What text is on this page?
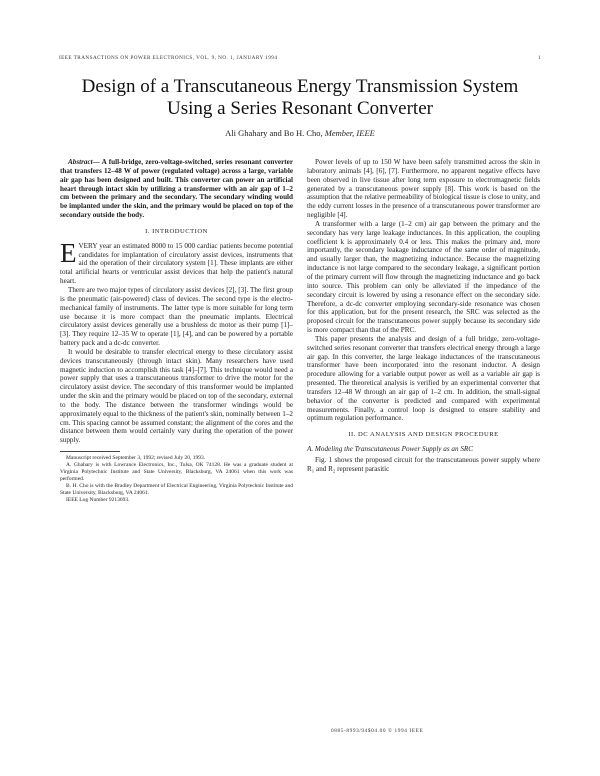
IEEE TRANSACTIONS ON POWER ELECTRONICS, VOL. 9, NO. 1, JANUARY 1994	1
Design of a Transcutaneous Energy Transmission System Using a Series Resonant Converter
Ali Ghahary and Bo H. Cho, Member, IEEE

Abstract— A full-bridge, zero-voltage-switched, series resonant converter that transfers 12–48 W of power (regulated voltage) across a large, variable air gap has been designed and built. This converter can power an artificial heart through intact skin by utilizing a transformer with an air gap of 1–2 cm between the primary and the secondary. The secondary winding would be implanted under the skin, and the primary would be placed on top of the secondary outside the body.

I. INTRODUCTION

EVERY year an estimated 8000 to 15 000 cardiac patients become potential candidates for implantation of circulatory assist devices, instruments that aid the operation of their circulatory system [1]. These implants are either total artificial hearts or ventricular assist devices that help the patient's natural heart.

There are two major types of circulatory assist devices [2], [3]. The first group is the pneumatic (air-powered) class of devices. The second type is the electro-mechanical family of instruments. The latter type is more suitable for long term use because it is more compact than the pneumatic implants. Electrical circulatory assist devices generally use a brushless dc motor as their pump [1]–[3]. They require 12–35 W to operate [1], [4], and can be powered by a portable battery pack and a dc-dc converter.

It would be desirable to transfer electrical energy to these circulatory assist devices transcutaneously (through intact skin). Many researchers have used magnetic induction to accomplish this task [4]–[7]. This technique would need a power supply that uses a transcutaneous transformer to drive the motor for the circulatory assist device. The secondary of this transformer would be implanted under the skin and the primary would be placed on top of the secondary, external to the body. The distance between the transformer windings would be approximately equal to the thickness of the patient's skin, nominally between 1–2 cm. This spacing cannot be assumed constant; the alignment of the cores and the distance between them would certainly vary during the operation of the power supply.

Manuscript received September 3, 1992; revised July 20, 1993.

A. Ghahary is with Lowrance Electronics, Inc., Tulsa, OK 74128. He was a graduate student at Virginia Polytechnic Institute and State University, Blacksburg, VA 24061 when this work was performed.

B. H. Cho is with the Bradley Department of Electrical Engineering, Virginia Polytechnic Institute and State University, Blacksburg, VA 24061.

IEEE Log Number 9213693.

Power levels of up to 150 W have been safely transmitted across the skin in laboratory animals [4], [6], [7]. Furthermore, no apparent negative effects have been observed in live tissue after long term exposure to electromagnetic fields generated by a transcutaneous power supply [8]. This work is based on the assumption that the relative permeability of biological tissue is close to unity, and the eddy current losses in the presence of a transcutaneous power transformer are negligible [4].

A transformer with a large (1–2 cm) air gap between the primary and the secondary has very large leakage inductances. In this application, the coupling coefficient k is approximately 0.4 or less. This makes the primary and, more importantly, the secondary leakage inductance of the same order of magnitude, and usually larger than, the magnetizing inductance. Because the magnetizing inductance is not large compared to the secondary leakage, a significant portion of the primary current will flow through the magnetizing inductance and go back into source. This problem can only be alleviated if the impedance of the secondary circuit is lowered by using a resonance effect on the secondary side. Therefore, a dc-dc converter employing secondary-side resonance was chosen for this application, but for the present research, the SRC was selected as the proposed circuit for the transcutaneous power supply because its secondary side is more compact than that of the PRC.

This paper presents the analysis and design of a full bridge, zero-voltage-switched series resonant converter that transfers electrical energy through a large air gap. In this converter, the large leakage inductances of the transcutaneous transformer have been incorporated into the resonant inductor. A design procedure allowing for a variable output power as well as a variable air gap is presented. The theoretical analysis is verified by an experimental converter that transfers 12–48 W through an air gap of 1–2 cm. In addition, the small-signal behavior of the converter is predicted and compared with experimental measurements. Finally, a control loop is designed to ensure stability and optimum regulation performance.

II. DC ANALYSIS AND DESIGN PROCEDURE

A. Modeling the Transcutaneous Power Supply as an SRC

Fig. 1 shows the proposed circuit for the transcutaneous power supply where R₁ and R₂ represent parasitic

0885-8993/94$04.00 © 1994 IEEE
